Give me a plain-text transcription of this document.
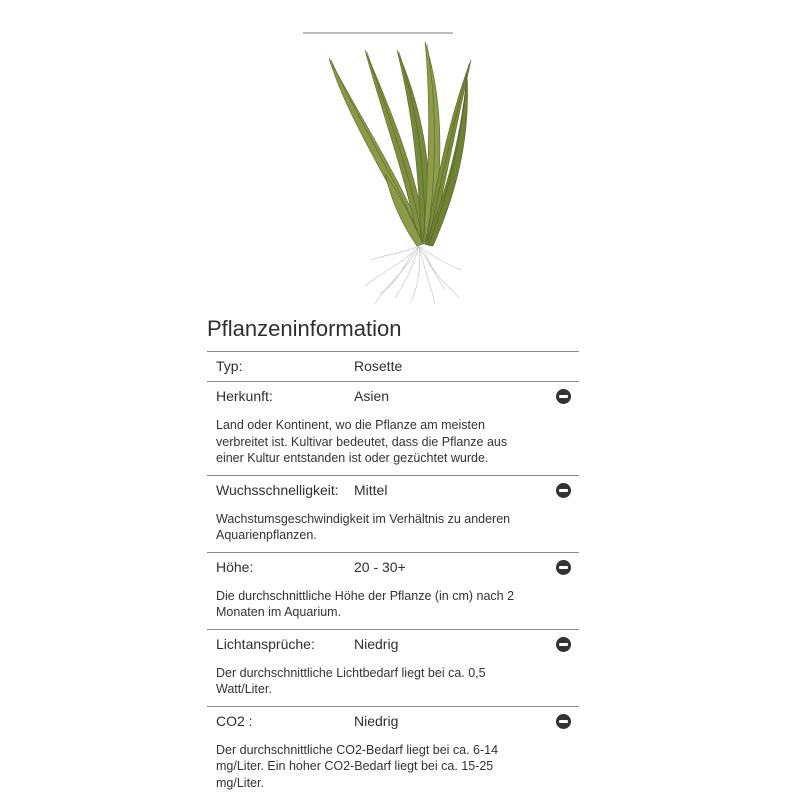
Pflanzeninformation
Typ:	Rosette
Herkunft:	Asien

Land oder Kontinent, wo die Pflanze am meisten verbreitet ist. Kultivar bedeutet, dass die Pflanze aus einer Kultur entstanden ist oder gezüchtet wurde.

Wuchsschnelligkeit: Mittel

Wachstumsgeschwindigkeit im Verhältnis zu anderen Aquarienpflanzen.

Höhe:	20 - 30+

Die durchschnittliche Höhe der Pflanze (in cm) nach 2 Monaten im Aquarium.

Lichtansprüche:	Niedrig

Der durchschnittliche Lichtbedarf liegt bei ca. 0,5 Watt/Liter.

CO2 :	Niedrig

Der durchschnittliche CO2-Bedarf liegt bei ca. 6-14 mg/Liter. Ein hoher CO2-Bedarf liegt bei ca. 15-25 mg/Liter.
